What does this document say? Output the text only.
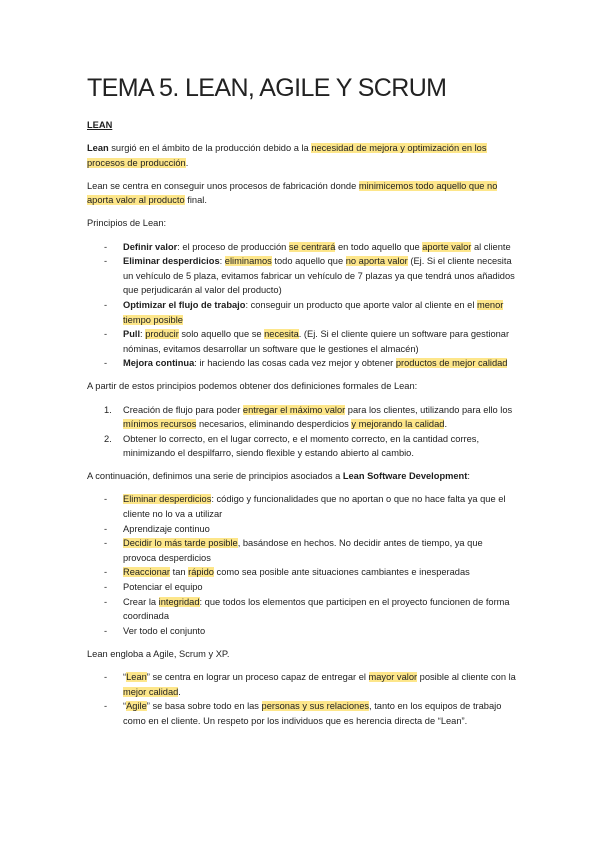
TEMA 5. LEAN, AGILE Y SCRUM

LEAN

Lean surgió en el ámbito de la producción debido a la necesidad de mejora y optimización en los procesos de producción.

Lean se centra en conseguir unos procesos de fabricación donde minimicemos todo aquello que no aporta valor al producto final.

Principios de Lean:

- Definir valor: el proceso de producción se centrará en todo aquello que aporte valor al cliente
- Eliminar desperdicios: eliminamos todo aquello que no aporta valor (Ej. Si el cliente necesita un vehículo de 5 plaza, evitamos fabricar un vehículo de 7 plazas ya que tendrá unos añadidos que perjudicarán al valor del producto)
- Optimizar el flujo de trabajo: conseguir un producto que aporte valor al cliente en el menor tiempo posible
- Pull: producir solo aquello que se necesita. (Ej. Si el cliente quiere un software para gestionar nóminas, evitamos desarrollar un software que le gestiones el almacén)
- Mejora continua: ir haciendo las cosas cada vez mejor y obtener productos de mejor calidad

A partir de estos principios podemos obtener dos definiciones formales de Lean:

1. Creación de flujo para poder entregar el máximo valor para los clientes, utilizando para ello los mínimos recursos necesarios, eliminando desperdicios y mejorando la calidad.
2. Obtener lo correcto, en el lugar correcto, e el momento correcto, en la cantidad corres, minimizando el despilfarro, siendo flexible y estando abierto al cambio.

A continuación, definimos una serie de principios asociados a Lean Software Development:

- Eliminar desperdicios: código y funcionalidades que no aportan o que no hace falta ya que el cliente no lo va a utilizar
- Aprendizaje continuo
- Decidir lo más tarde posible, basándose en hechos. No decidir antes de tiempo, ya que provoca desperdicios
- Reaccionar tan rápido como sea posible ante situaciones cambiantes e inesperadas
- Potenciar el equipo
- Crear la integridad: que todos los elementos que participen en el proyecto funcionen de forma coordinada
- Ver todo el conjunto

Lean engloba a Agile, Scrum y XP.

- “Lean” se centra en lograr un proceso capaz de entregar el mayor valor posible al cliente con la mejor calidad.
- “Agile” se basa sobre todo en las personas y sus relaciones, tanto en los equipos de trabajo como en el cliente. Un respeto por los individuos que es herencia directa de “Lean”.
